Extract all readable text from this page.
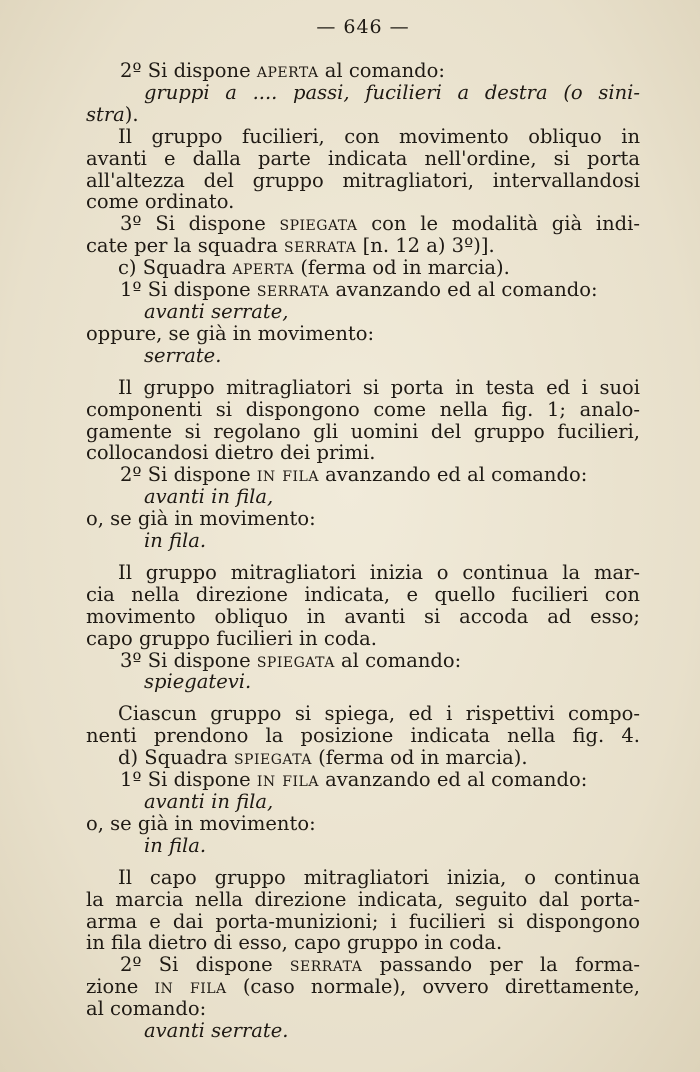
— 646 —
2º Si dispone aperta al comando:
gruppi a .... passi, fucilieri a destra (o sini-
stra).
Il gruppo fucilieri, con movimento obliquo in
avanti e dalla parte indicata nell'ordine, si porta
all'altezza del gruppo mitragliatori, intervallandosi
come ordinato.
3º Si dispone spiegata con le modalità già indi-
cate per la squadra serrata [n. 12 a) 3º)].
c) Squadra aperta (ferma od in marcia).
1º Si dispone serrata avanzando ed al comando:
avanti serrate,
oppure, se già in movimento:
serrate.
Il gruppo mitragliatori si porta in testa ed i suoi
componenti si dispongono come nella fig. 1; analo-
gamente si regolano gli uomini del gruppo fucilieri,
collocandosi dietro dei primi.
2º Si dispone in fila avanzando ed al comando:
avanti in fila,
o, se già in movimento:
in fila.
Il gruppo mitragliatori inizia o continua la mar-
cia nella direzione indicata, e quello fucilieri con
movimento obliquo in avanti si accoda ad esso;
capo gruppo fucilieri in coda.
3º Si dispone spiegata al comando:
spiegatevi.
Ciascun gruppo si spiega, ed i rispettivi compo-
nenti prendono la posizione indicata nella fig. 4.
d) Squadra spiegata (ferma od in marcia).
1º Si dispone in fila avanzando ed al comando:
avanti in fila,
o, se già in movimento:
in fila.
Il capo gruppo mitragliatori inizia, o continua
la marcia nella direzione indicata, seguito dal porta-
arma e dai porta-munizioni; i fucilieri si dispongono
in fila dietro di esso, capo gruppo in coda.
2º Si dispone serrata passando per la forma-
zione in fila (caso normale), ovvero direttamente,
al comando:
avanti serrate.
